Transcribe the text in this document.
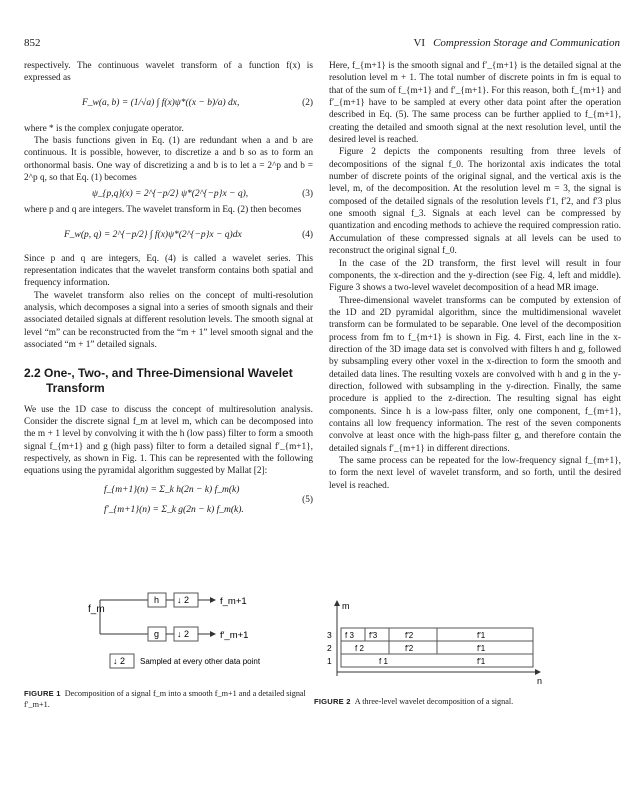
852	VI Compression Storage and Communication

respectively. The continuous wavelet transform of a function f(x) is expressed as

F_w(a, b) = (1/√a) ∫ f(x)ψ*((x − b)/a) dx,	(2)

where * is the complex conjugate operator.

The basis functions given in Eq. (1) are redundant when a and b are continuous. It is possible, however, to discretize a and b so as to form an orthonormal basis. One way of discretizing a and b is to let a = 2^p and b = 2^p q, so that Eq. (1) becomes

ψ_{p,q}(x) = 2^{−p/2} ψ*(2^{−p}x − q),	(3)

where p and q are integers. The wavelet transform in Eq. (2) then becomes

F_w(p, q) = 2^{−p/2} ∫ f(x)ψ*(2^{−p}x − q)dx	(4)

Since p and q are integers, Eq. (4) is called a wavelet series. This representation indicates that the wavelet transform contains both spatial and frequency information.

The wavelet transform also relies on the concept of multi-resolution analysis, which decomposes a signal into a series of smooth signals and their associated detailed signals at different resolution levels. The smooth signal at level “m” can be reconstructed from the “m + 1” level smooth signal and the associated “m + 1” detailed signals.

2.2 One-, Two-, and Three-Dimensional Wavelet
Transform

We use the 1D case to discuss the concept of multiresolution analysis. Consider the discrete signal f_m at level m, which can be decomposed into the m + 1 level by convolving it with the h (low pass) filter to form a smooth signal f_{m+1} and g (high pass) filter to form a detailed signal f′_{m+1}, respectively, as shown in Fig. 1. This can be represented with the following equations using the pyramidal algorithm suggested by Mallat [2]:

f_{m+1}(n) = Σ_k h(2n − k) f_m(k)
f′_{m+1}(n) = Σ_k g(2n − k) f_m(k).
(5)

Here, f_{m+1} is the smooth signal and f′_{m+1} is the detailed signal at the resolution level m + 1. The total number of discrete points in fm is equal to that of the sum of f_{m+1} and f′_{m+1}. For this reason, both f_{m+1} and f′_{m+1} have to be sampled at every other data point after the operation described in Eq. (5). The same process can be further applied to f_{m+1}, creating the detailed and smooth signal at the next resolution level, until the desired level is reached.

Figure 2 depicts the components resulting from three levels of decompositions of the signal f_0. The horizontal axis indicates the total number of discrete points of the original signal, and the vertical axis is the level, m, of the decomposition. At the resolution level m = 3, the signal is composed of the detailed signals of the resolution levels f′1, f′2, and f′3 plus one smooth signal f_3. Signals at each level can be compressed by quantization and encoding methods to achieve the required compression ratio. Accumulation of these compressed signals at all levels can be used to reconstruct the original signal f_0.

In the case of the 2D transform, the first level will result in four components, the x-direction and the y-direction (see Fig. 4, left and middle). Figure 3 shows a two-level wavelet decomposition of a head MR image.

Three-dimensional wavelet transforms can be computed by extension of the 1D and 2D pyramidal algorithm, since the multidimensional wavelet transform can be formulated to be separable. One level of the decomposition process from fm to f_{m+1} is shown in Fig. 4. First, each line in the x-direction of the 3D image data set is convolved with filters h and g, followed by subsampling every other voxel in the x-direction to form the smooth and detailed data lines. The resulting voxels are convolved with h and g in the y-direction, followed with subsampling in the y-direction. Finally, the same procedure is applied to the z-direction. The resulting signal has eight components. Since h is a low-pass filter, only one component, f_{m+1}, contains all low frequency information. The rest of the seven components convolve at least once with the high-pass filter g, and therefore contain the detailed signals f′_{m+1} in different directions.

The same process can be repeated for the low-frequency signal f_{m+1}, to form the next level of wavelet transform, and so forth, until the desired level is reached.

f_m
h ↓ 2	f_m+1
g ↓ 2	f′_m+1
↓ 2 Sampled at every other data point
FIGURE 1 Decomposition of a signal f_m into a smooth f_m+1 and a detailed signal f′_m+1.
m
n
3
2
1
f 3 f′3	f′2	f′1
f 2	f′2	f′1
f 1	f′1
FIGURE 2 A three-level wavelet decomposition of a signal.
